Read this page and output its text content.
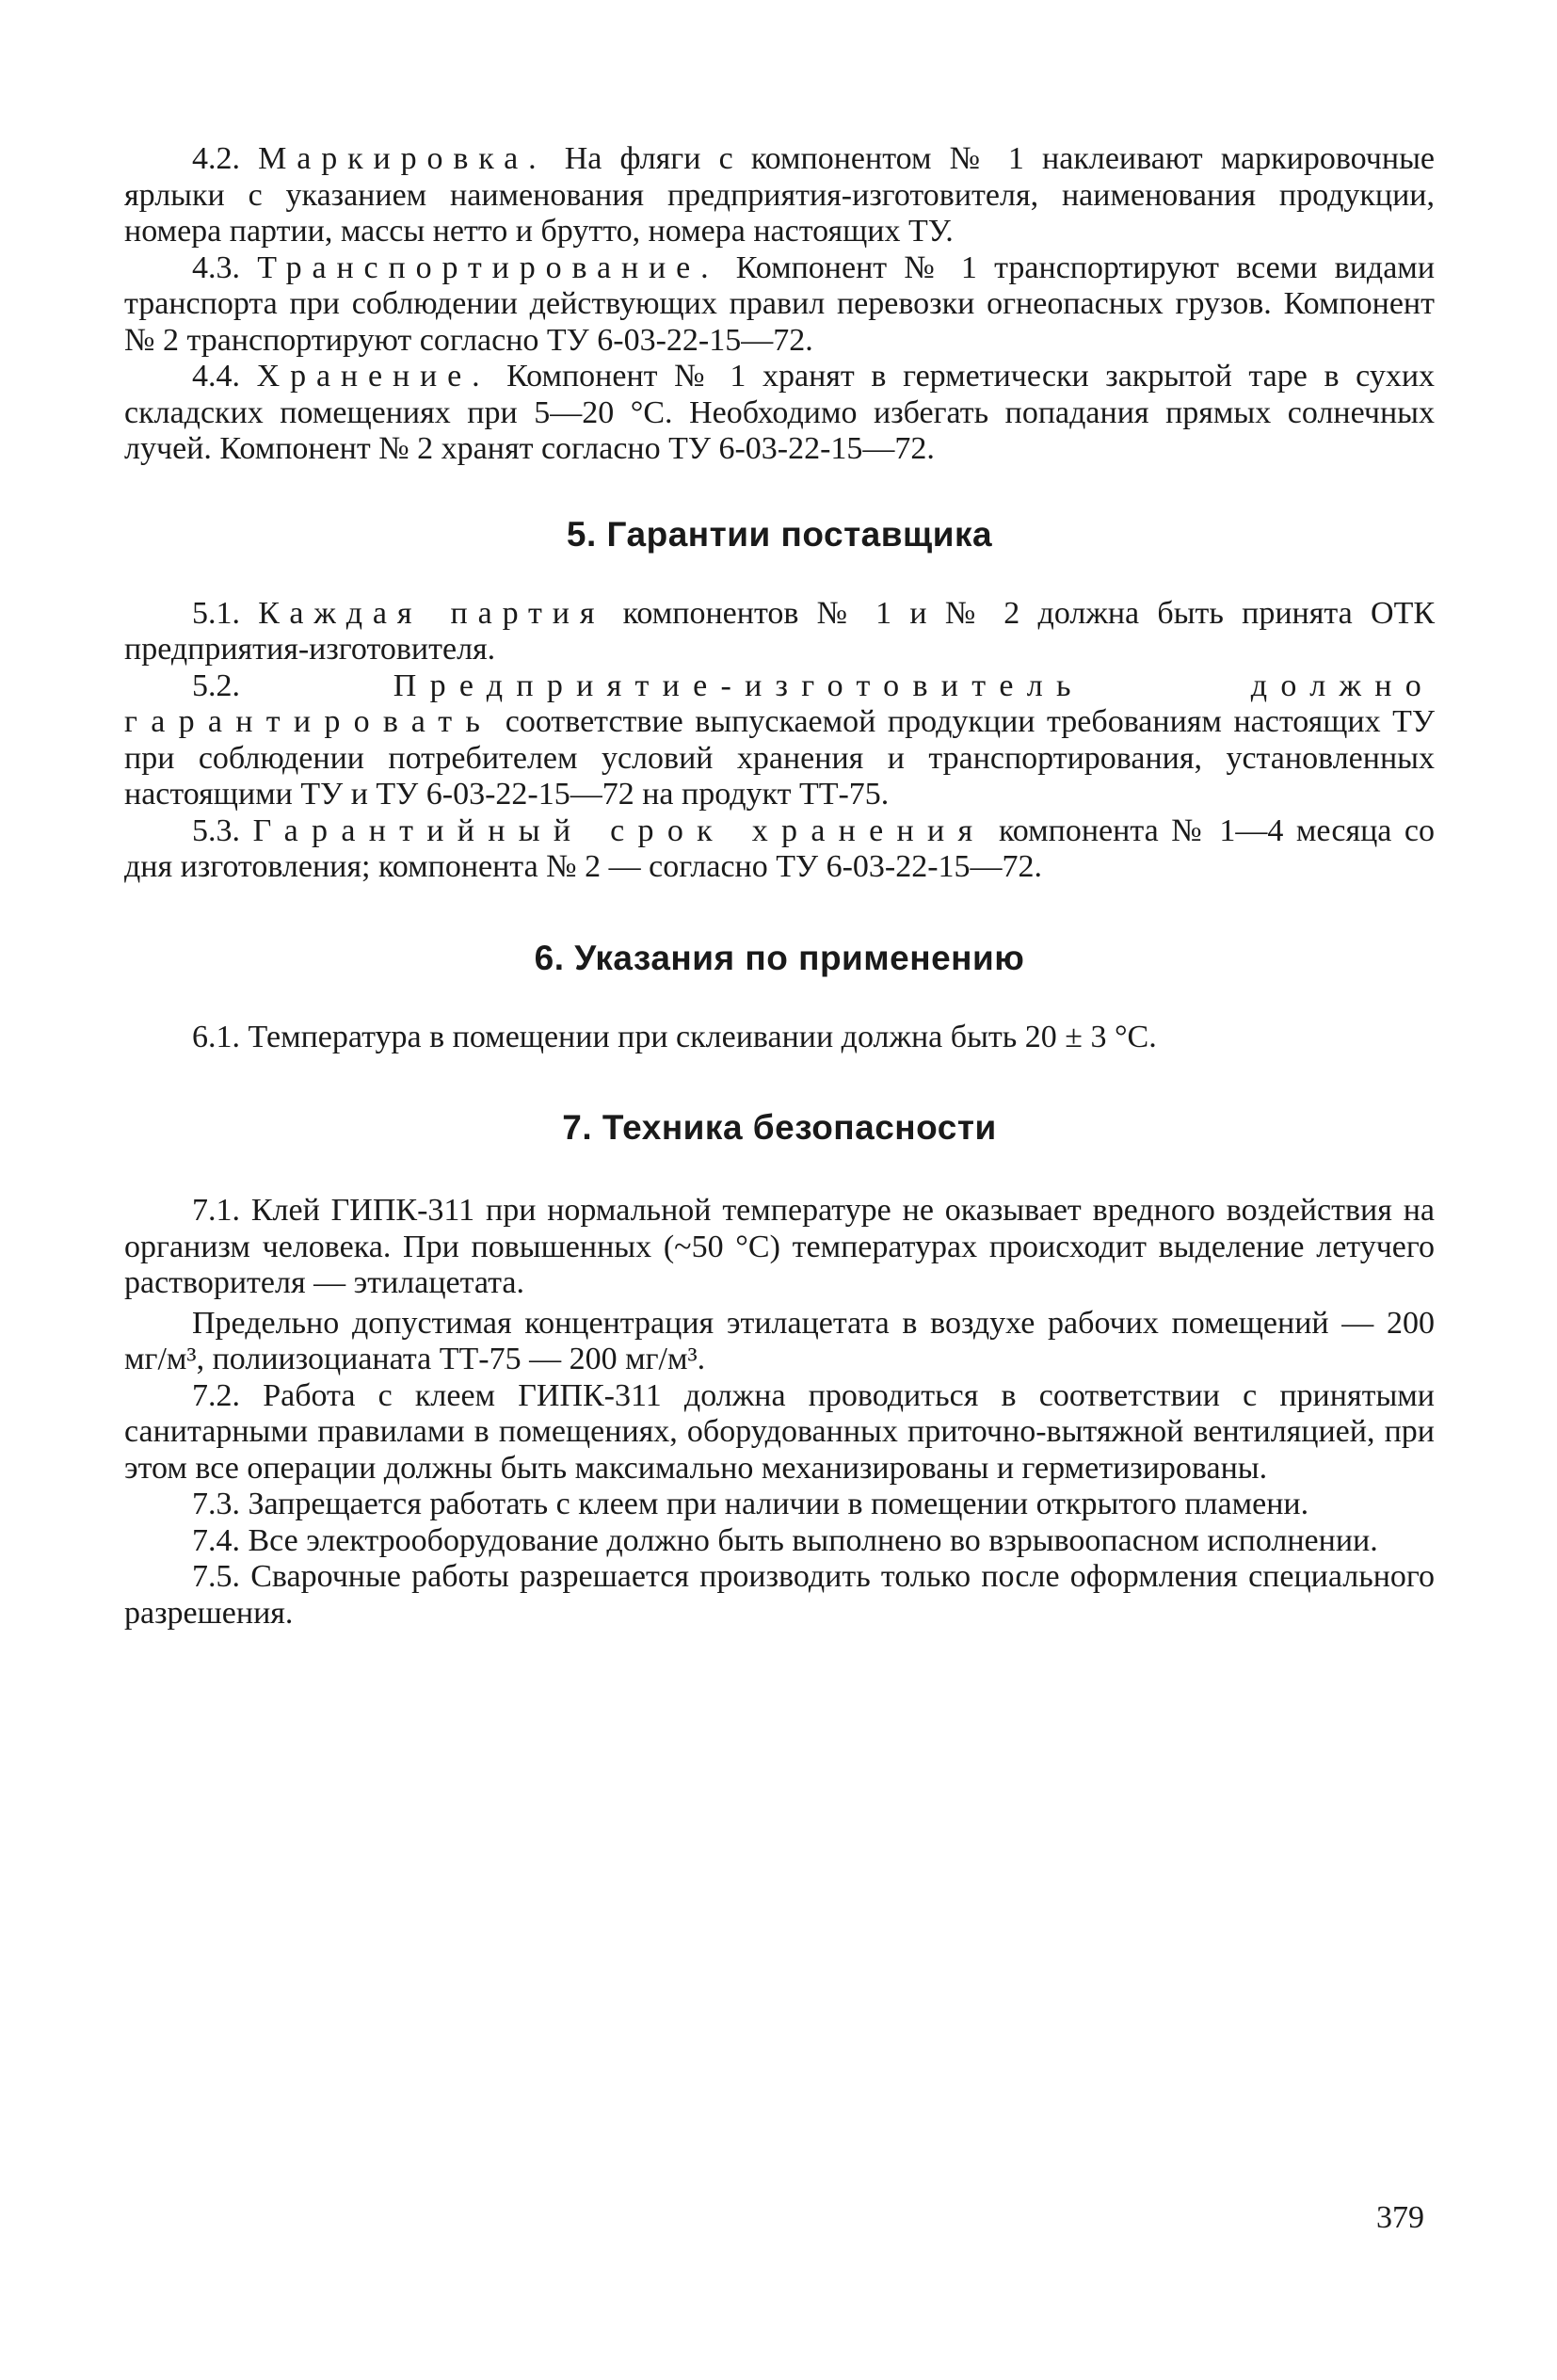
4.2. Маркировка. На фляги с компонентом № 1 наклеивают маркировочные ярлыки с указанием наименования предприятия-изготовителя, наименования продукции, номера партии, массы нетто и брутто, номера настоящих ТУ.

4.3. Транспортирование. Компонент № 1 транспортируют всеми видами транспорта при соблюдении действующих правил перевозки огнеопасных грузов. Компонент № 2 транспортируют согласно ТУ 6-03-22-15—72.

4.4. Хранение. Компонент № 1 хранят в герметически закрытой таре в сухих складских помещениях при 5—20 °С. Необходимо избегать попадания прямых солнечных лучей. Компонент № 2 хранят согласно ТУ 6-03-22-15—72.

5. Гарантии поставщика

5.1. Каждая партия компонентов № 1 и № 2 должна быть принята ОТК предприятия-изготовителя.

5.2.	Предприятие-изготовитель должно гарантировать соответствие выпускаемой продукции требованиям настоящих ТУ при соблюдении потребителем условий хранения и транспортирования, установленных настоящими ТУ и ТУ 6-03-22-15—72 на продукт ТТ-75.

5.3. Гарантийный срок хранения компонента № 1—4 месяца со дня изготовления; компонента № 2 — согласно ТУ 6-03-22-15—72.

6. Указания по применению

6.1. Температура в помещении при склеивании должна быть 20 ± 3 °С.

7. Техника безопасности

7.1. Клей ГИПК-311 при нормальной температуре не оказывает вредного воздействия на организм человека. При повышенных (~50 °С) температурах происходит выделение летучего растворителя — этилацетата.

Предельно допустимая концентрация этилацетата в воздухе рабочих помещений — 200 мг/м³, полиизоцианата ТТ-75 — 200 мг/м³.

7.2. Работа с клеем ГИПК-311 должна проводиться в соответствии с принятыми санитарными правилами в помещениях, оборудованных приточно-вытяжной вентиляцией, при этом все операции должны быть максимально механизированы и герметизированы.

7.3. Запрещается работать с клеем при наличии в помещении открытого пламени.

7.4. Все электрооборудование должно быть выполнено во взрывоопасном исполнении.

7.5. Сварочные работы разрешается производить только после оформления специального разрешения.

379
